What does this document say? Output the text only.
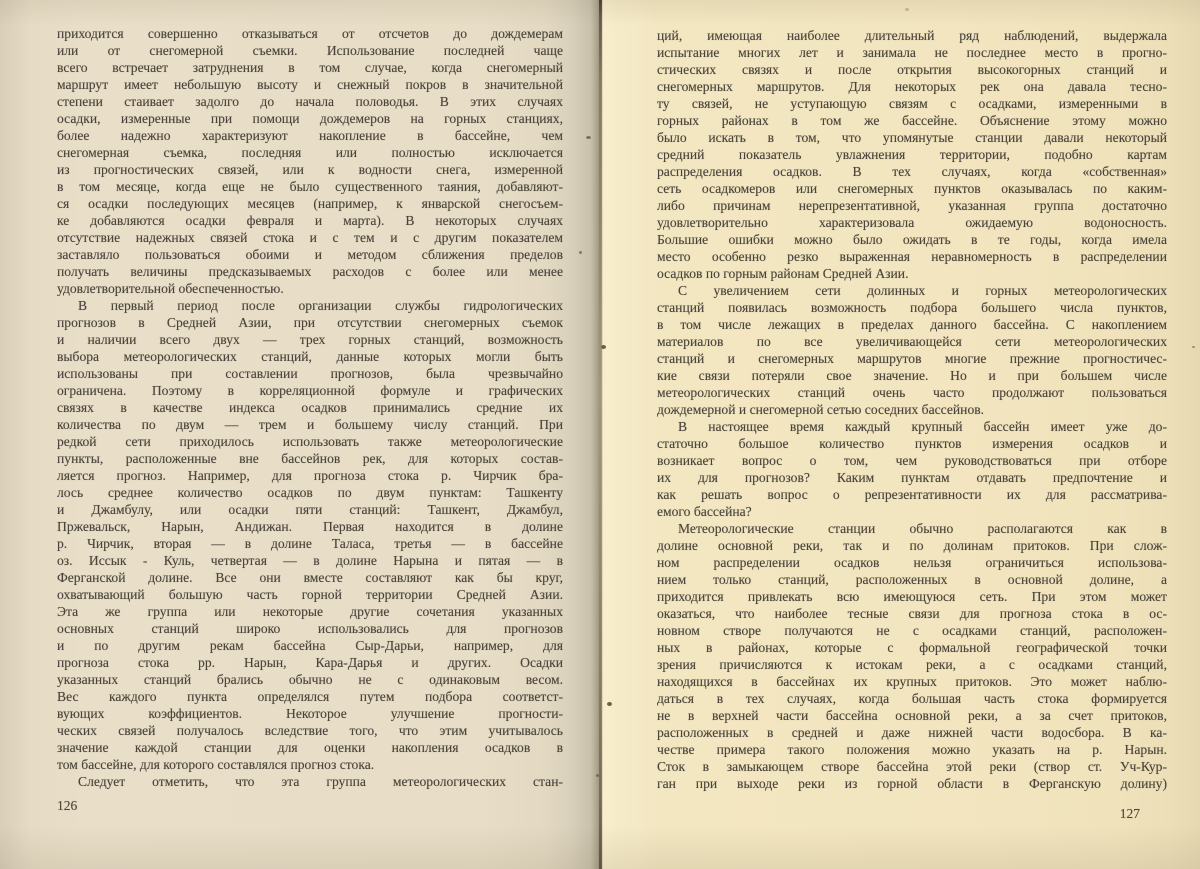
приходится совершенно отказываться от отсчетов до дождемерам
или от снегомерной съемки. Использование последней чаще
всего встречает затруднения в том случае, когда снегомерный
маршрут имеет небольшую высоту и снежный покров в значительной
степени стаивает задолго до начала половодья. В этих случаях
осадки, измеренные при помощи дождемеров на горных станциях,
более надежно характеризуют накопление в бассейне, чем
снегомерная съемка, последняя или полностью исключается
из прогностических связей, или к водности снега, измеренной
в том месяце, когда еще не было существенного таяния, добавляют-
ся осадки последующих месяцев (например, к январской снегосъем-
ке добавляются осадки февраля и марта). В некоторых случаях
отсутствие надежных связей стока и с тем и с другим показателем
заставляло пользоваться обоими и методом сближения пределов
получать величины предсказываемых расходов с более или менее
удовлетворительной обеспеченностью.
В первый период после организации службы гидрологических
прогнозов в Средней Азии, при отсутствии снегомерных съемок
и наличии всего двух — трех горных станций, возможность
выбора метеорологических станций, данные которых могли быть
использованы при составлении прогнозов, была чрезвычайно
ограничена. Поэтому в корреляционной формуле и графических
связях в качестве индекса осадков принимались средние их
количества по двум — трем и большему числу станций. При
редкой сети приходилось использовать также метеорологические
пункты, расположенные вне бассейнов рек, для которых состав-
ляется прогноз. Например, для прогноза стока р. Чирчик бра-
лось среднее количество осадков по двум пунктам: Ташкенту
и Джамбулу, или осадки пяти станций: Ташкент, Джамбул,
Пржевальск, Нарын, Андижан. Первая находится в долине
р. Чирчик, вторая — в долине Таласа, третья — в бассейне
оз. Иссык - Куль, четвертая — в долине Нарына и пятая — в
Ферганской долине. Все они вместе составляют как бы круг,
охватывающий большую часть горной территории Средней Азии.
Эта же группа или некоторые другие сочетания указанных
основных станций широко использовались для прогнозов
и по другим рекам бассейна Сыр-Дарьи, например, для
прогноза стока рр. Нарын, Кара-Дарья и других. Осадки
указанных станций брались обычно не с одинаковым весом.
Вес каждого пункта определялся путем подбора соответст-
вующих коэффициентов. Некоторое улучшение прогности-
ческих связей получалось вследствие того, что этим учитывалось
значение каждой станции для оценки накопления осадков в
том бассейне, для которого составлялся прогноз стока.
Следует отметить, что эта группа метеорологических стан-
ций, имеющая наиболее длительный ряд наблюдений, выдержала
испытание многих лет и занимала не последнее место в прогно-
стических связях и после открытия высокогорных станций и
снегомерных маршрутов. Для некоторых рек она давала тесно-
ту связей, не уступающую связям с осадками, измеренными в
горных районах в том же бассейне. Объяснение этому можно
было искать в том, что упомянутые станции давали некоторый
средний показатель увлажнения территории, подобно картам
распределения осадков. В тех случаях, когда «собственная»
сеть осадкомеров или снегомерных пунктов оказывалась по каким-
либо причинам нерепрезентативной, указанная группа достаточно
удовлетворительно характеризовала ожидаемую водоносность.
Большие ошибки можно было ожидать в те годы, когда имела
место особенно резко выраженная неравномерность в распределении
осадков по горным районам Средней Азии.
С увеличением сети долинных и горных метеорологических
станций появилась возможность подбора большего числа пунктов,
в том числе лежащих в пределах данного бассейна. С накоплением
материалов по все увеличивающейся сети метеорологических
станций и снегомерных маршрутов многие прежние прогностичес-
кие связи потеряли свое значение. Но и при большем числе
метеорологических станций очень часто продолжают пользоваться
дождемерной и снегомерной сетью соседних бассейнов.
В настоящее время каждый крупный бассейн имеет уже до-
статочно большое количество пунктов измерения осадков и
возникает вопрос о том, чем руководствоваться при отборе
их для прогнозов? Каким пунктам отдавать предпочтение и
как решать вопрос о репрезентативности их для рассматрива-
емого бассейна?
Метеорологические станции обычно располагаются как в
долине основной реки, так и по долинам притоков. При слож-
ном распределении осадков нельзя ограничиться использова-
нием только станций, расположенных в основной долине, а
приходится привлекать всю имеющуюся сеть. При этом может
оказаться, что наиболее тесные связи для прогноза стока в ос-
новном створе получаются не с осадками станций, расположен-
ных в районах, которые с формальной географической точки
зрения причисляются к истокам реки, а с осадками станций,
находящихся в бассейнах их крупных притоков. Это может наблю-
даться в тех случаях, когда большая часть стока формируется
не в верхней части бассейна основной реки, а за счет притоков,
расположенных в средней и даже нижней части водосбора. В ка-
честве примера такого положения можно указать на р. Нарын.
Сток в замыкающем створе бассейна этой реки (створ ст. Уч-Кур-
ган при выходе реки из горной области в Ферганскую долину)
126
127
